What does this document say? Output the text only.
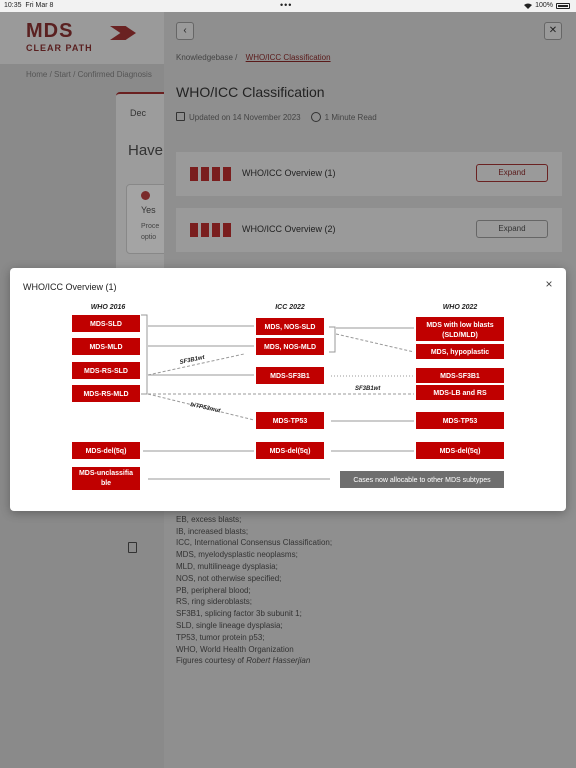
10:35 Fri Mar 8	•••	100%
MDS
CLEAR PATH
Home / Start / Confirmed Diagnosis
Dec
Have
Yes
Proce
optio
‹	✕
Knowledgebase / WHO/ICC Classification
WHO/ICC Classification
Updated on 14 November 2023	1 Minute Read
WHO/ICC Overview (1)	Expand
WHO/ICC Overview (2)	Expand
EB, excess blasts;
IB, increased blasts;
ICC, International Consensus Classification;
MDS, myelodysplastic neoplasms;
MLD, multilineage dysplasia;
NOS, not otherwise specified;
PB, peripheral blood;
RS, ring sideroblasts;
SF3B1, splicing factor 3b subunit 1;
SLD, single lineage dysplasia;
TP53, tumor protein p53;
WHO, World Health Organization
Figures courtesy of Robert Hasserjian
WHO/ICC Overview (1)	×
WHO 2016	ICC 2022	WHO 2022
MDS-SLD
MDS-MLD
MDS-RS-SLD
MDS-RS-MLD
MDS-del(5q)
MDS-unclassifia
ble
MDS, NOS-SLD
MDS, NOS-MLD
MDS-SF3B1
MDS-TP53
MDS-del(5q)
MDS with low blasts
(SLD/MLD)
MDS, hypoplastic
MDS-SF3B1
MDS-LB and RS
MDS-TP53
MDS-del(5q)
SF3B1wt
SF3B1wt
biTP53mut
Cases now allocable to other MDS subtypes
